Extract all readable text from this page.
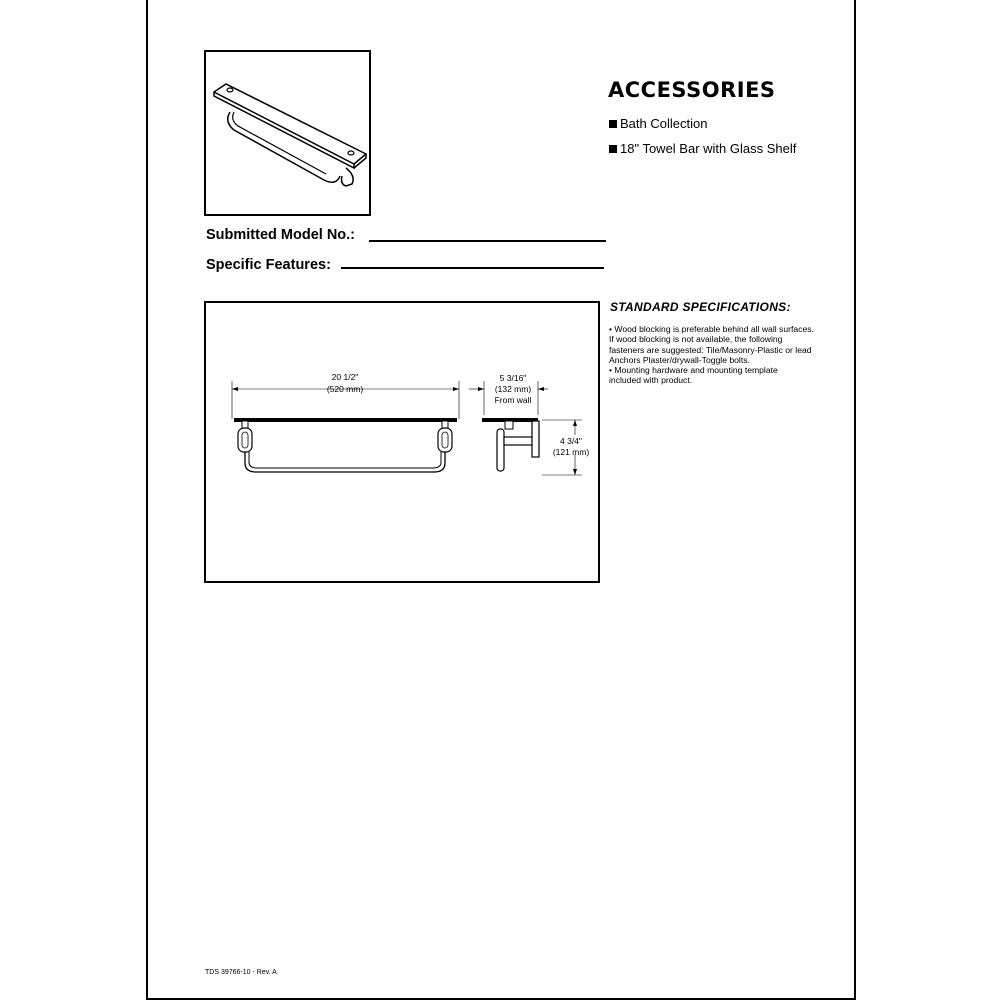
ACCESSORIES
Bath Collection
18" Towel Bar with Glass Shelf
Submitted Model No.:
Specific Features:
20 1/2"
(520 mm)
5 3/16"
(132 mm)
From wall
4 3/4"
(121 mm)
STANDARD SPECIFICATIONS:

• Wood blocking is preferable behind all wall surfaces.

If wood blocking is not available, the following

fasteners are suggested: Tile/Masonry-Plastic or lead

Anchors Plaster/drywall-Toggle bolts.

• Mounting hardware and mounting template

included with product.

TDS 39766-10 - Rev. A
